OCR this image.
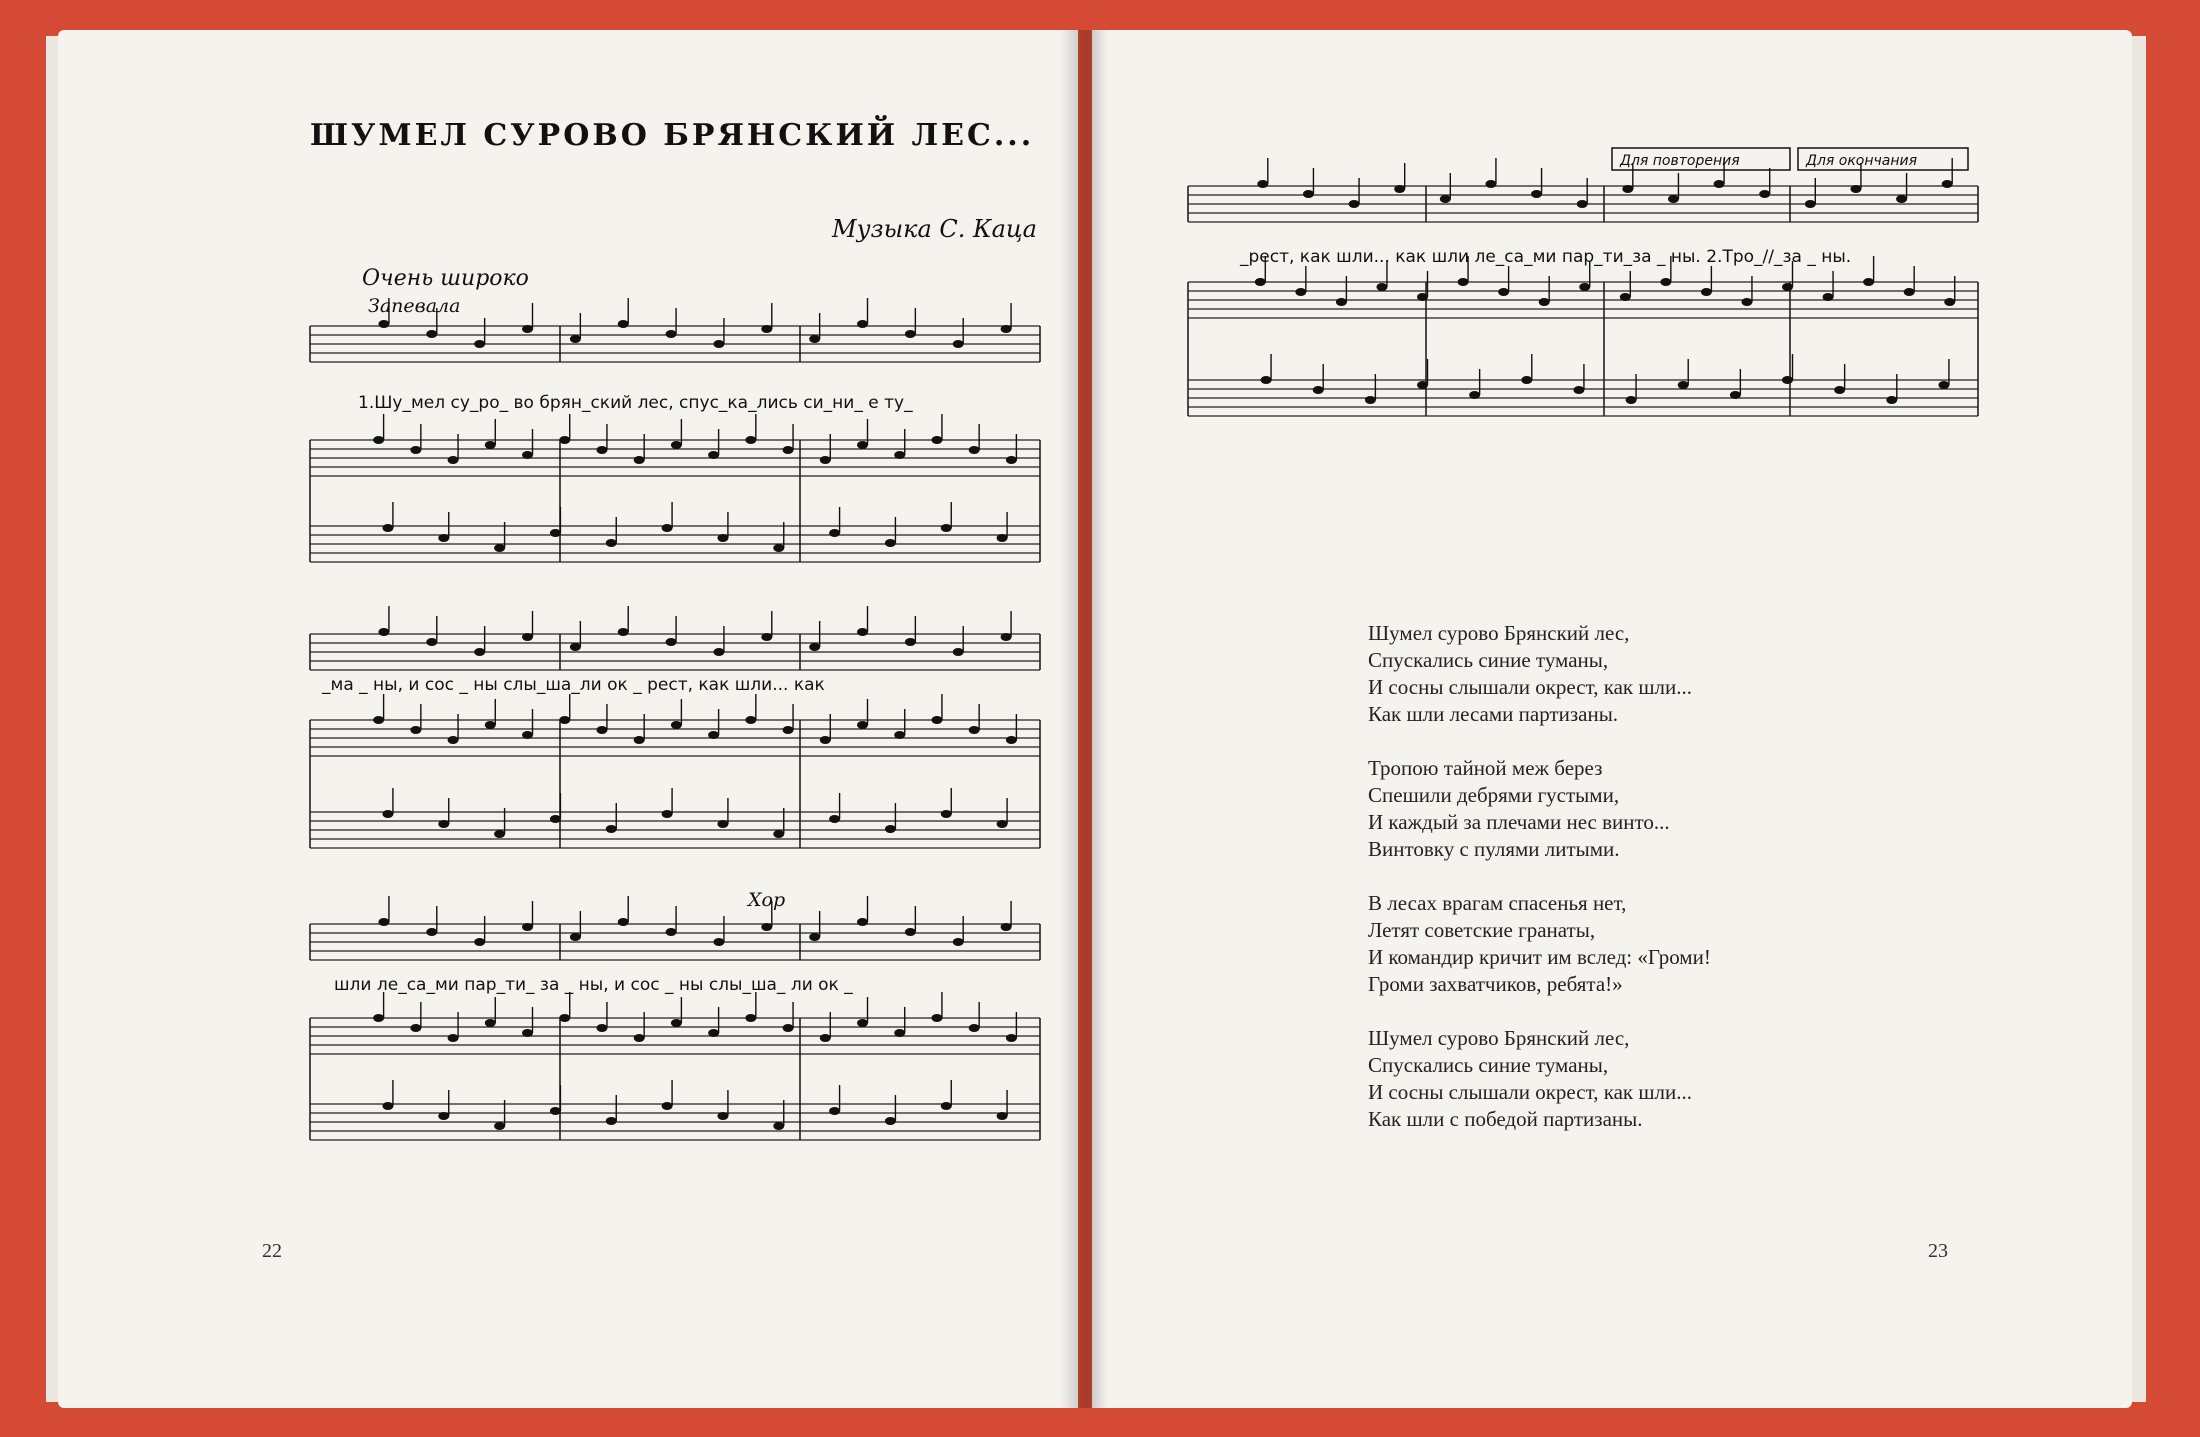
ШУМЕЛ СУРОВО БРЯНСКИЙ ЛЕС...
Музыка С. Каца
Очень широко
Запевала
Хор
Для повторения	Для окончания
1.Шу_мел су_ро_ во брян_ский лес, спус_ка_лись си_ни_ е ту_
_ма _ ны, и сос _ ны слы_ша_ли ок _ рест, как шли... как
шли ле_са_ми пар_ти_ за _ ны, и сос _ ны слы_ша_ ли ок _
_рест, как шли... как шли ле_са_ми пар_ти_за _ ны. 2.Тро_//_за _ ны.
Шумел сурово Брянский лес,
Спускались синие туманы,
И сосны слышали окрест, как шли...
Как шли лесами партизаны.
Тропою тайной меж берез
Спешили дебрями густыми,
И каждый за плечами нес винто...
Винтовку с пулями литыми.
В лесах врагам спасенья нет,
Летят советские гранаты,
И командир кричит им вслед: «Громи!
Громи захватчиков, ребята!»
Шумел сурово Брянский лес,
Спускались синие туманы,
И сосны слышали окрест, как шли...
Как шли с победой партизаны.
22	23
